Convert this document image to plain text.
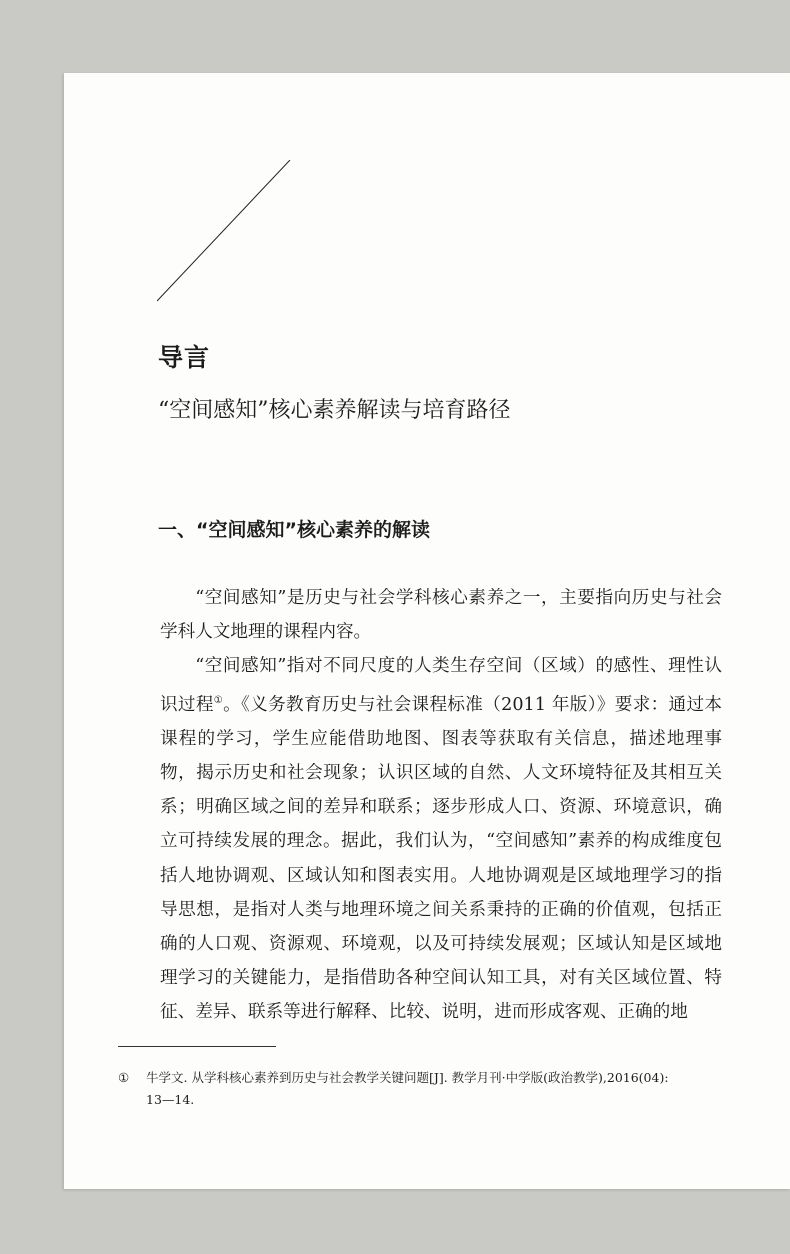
导言
“空间感知”核心素养解读与培育路径
一、“空间感知”核心素养的解读

“空间感知”是历史与社会学科核心素养之一，主要指向历史与社会学科人文地理的课程内容。

“空间感知”指对不同尺度的人类生存空间（区域）的感性、理性认识过程①。《义务教育历史与社会课程标准（2011 年版）》要求：通过本课程的学习，学生应能借助地图、图表等获取有关信息，描述地理事物，揭示历史和社会现象；认识区域的自然、人文环境特征及其相互关系；明确区域之间的差异和联系；逐步形成人口、资源、环境意识，确立可持续发展的理念。据此，我们认为，“空间感知”素养的构成维度包括人地协调观、区域认知和图表实用。人地协调观是区域地理学习的指导思想，是指对人类与地理环境之间关系秉持的正确的价值观，包括正确的人口观、资源观、环境观，以及可持续发展观；区域认知是区域地理学习的关键能力，是指借助各种空间认知工具，对有关区域位置、特征、差异、联系等进行解释、比较、说明，进而形成客观、正确的地

① 牛学文. 从学科核心素养到历史与社会教学关键问题[J]. 教学月刊·中学版(政治教学),2016(04):
13—14.
